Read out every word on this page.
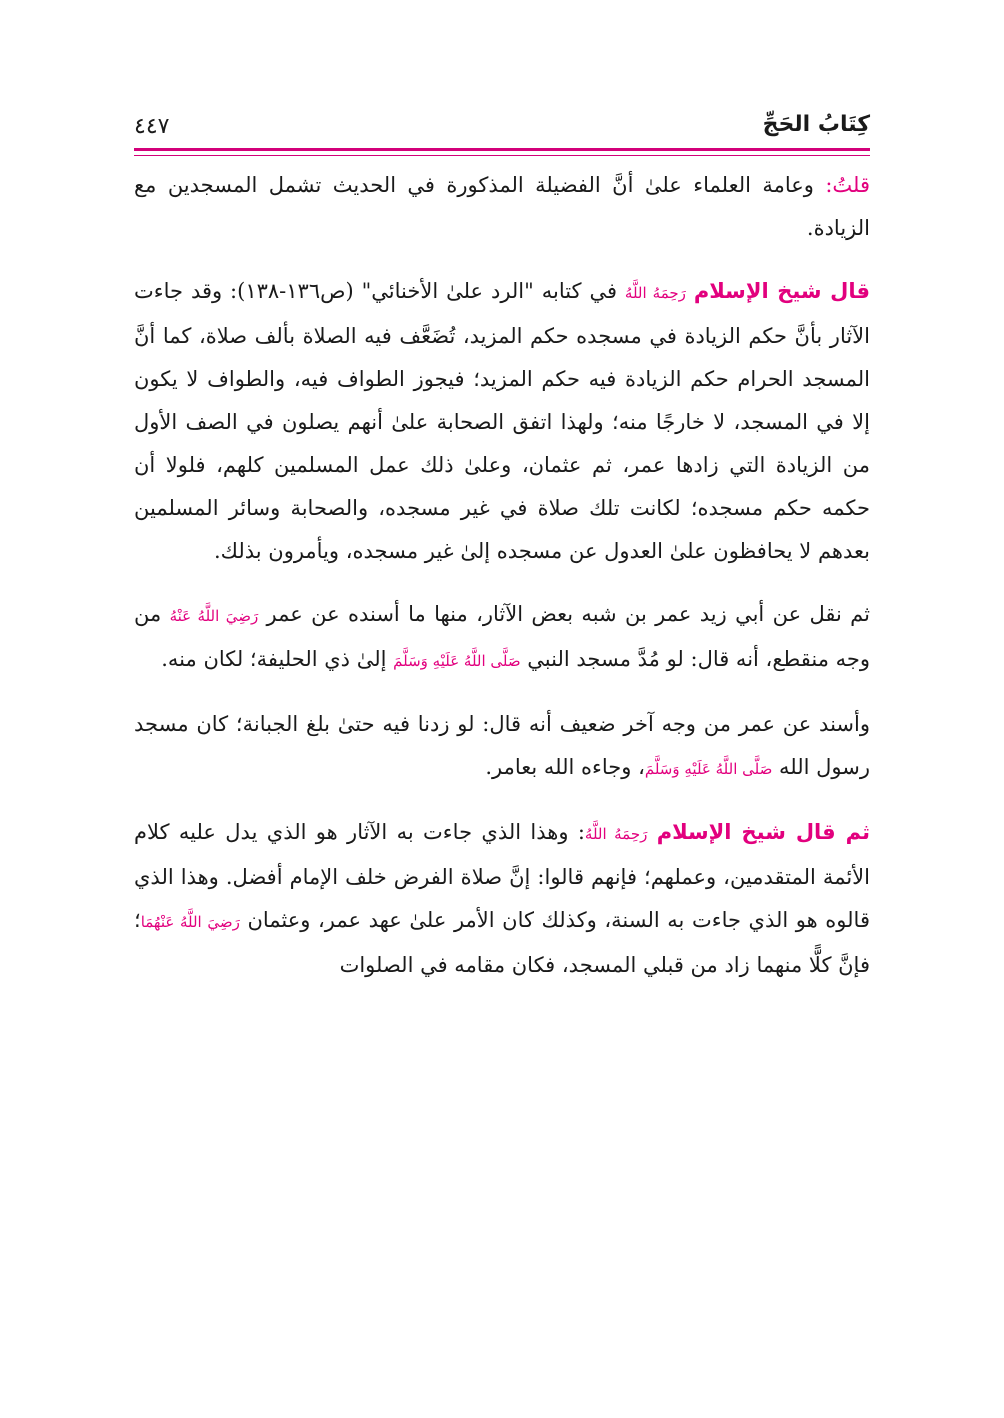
كِتَابُ الحَجِّ
٤٤٧

قلتُ: وعامة العلماء علىٰ أنَّ الفضيلة المذكورة في الحديث تشمل المسجدين مع الزيادة.

قال شيخ الإسلام رَحِمَهُ اللَّهُ في كتابه "الرد علىٰ الأخنائي" (ص١٣٦-١٣٨): وقد جاءت الآثار بأنَّ حكم الزيادة في مسجده حكم المزيد، تُضَعَّف فيه الصلاة بألف صلاة، كما أنَّ المسجد الحرام حكم الزيادة فيه حكم المزيد؛ فيجوز الطواف فيه، والطواف لا يكون إلا في المسجد، لا خارجًا منه؛ ولهذا اتفق الصحابة علىٰ أنهم يصلون في الصف الأول من الزيادة التي زادها عمر، ثم عثمان، وعلىٰ ذلك عمل المسلمين كلهم، فلولا أن حكمه حكم مسجده؛ لكانت تلك صلاة في غير مسجده، والصحابة وسائر المسلمين بعدهم لا يحافظون علىٰ العدول عن مسجده إلىٰ غير مسجده، ويأمرون بذلك.

ثم نقل عن أبي زيد عمر بن شبه بعض الآثار، منها ما أسنده عن عمر رَضِيَ اللَّهُ عَنْهُ من وجه منقطع، أنه قال: لو مُدَّ مسجد النبي صَلَّى اللَّهُ عَلَيْهِ وَسَلَّمَ إلىٰ ذي الحليفة؛ لكان منه.

وأسند عن عمر من وجه آخر ضعيف أنه قال: لو زدنا فيه حتىٰ بلغ الجبانة؛ كان مسجد رسول الله صَلَّى اللَّهُ عَلَيْهِ وَسَلَّمَ، وجاءه الله بعامر.

ثم قال شيخ الإسلام رَحِمَهُ اللَّهُ: وهذا الذي جاءت به الآثار هو الذي يدل عليه كلام الأئمة المتقدمين، وعملهم؛ فإنهم قالوا: إنَّ صلاة الفرض خلف الإمام أفضل. وهذا الذي قالوه هو الذي جاءت به السنة، وكذلك كان الأمر علىٰ عهد عمر، وعثمان رَضِيَ اللَّهُ عَنْهُمَا؛ فإنَّ كلًّا منهما زاد من قبلي المسجد، فكان مقامه في الصلوات
